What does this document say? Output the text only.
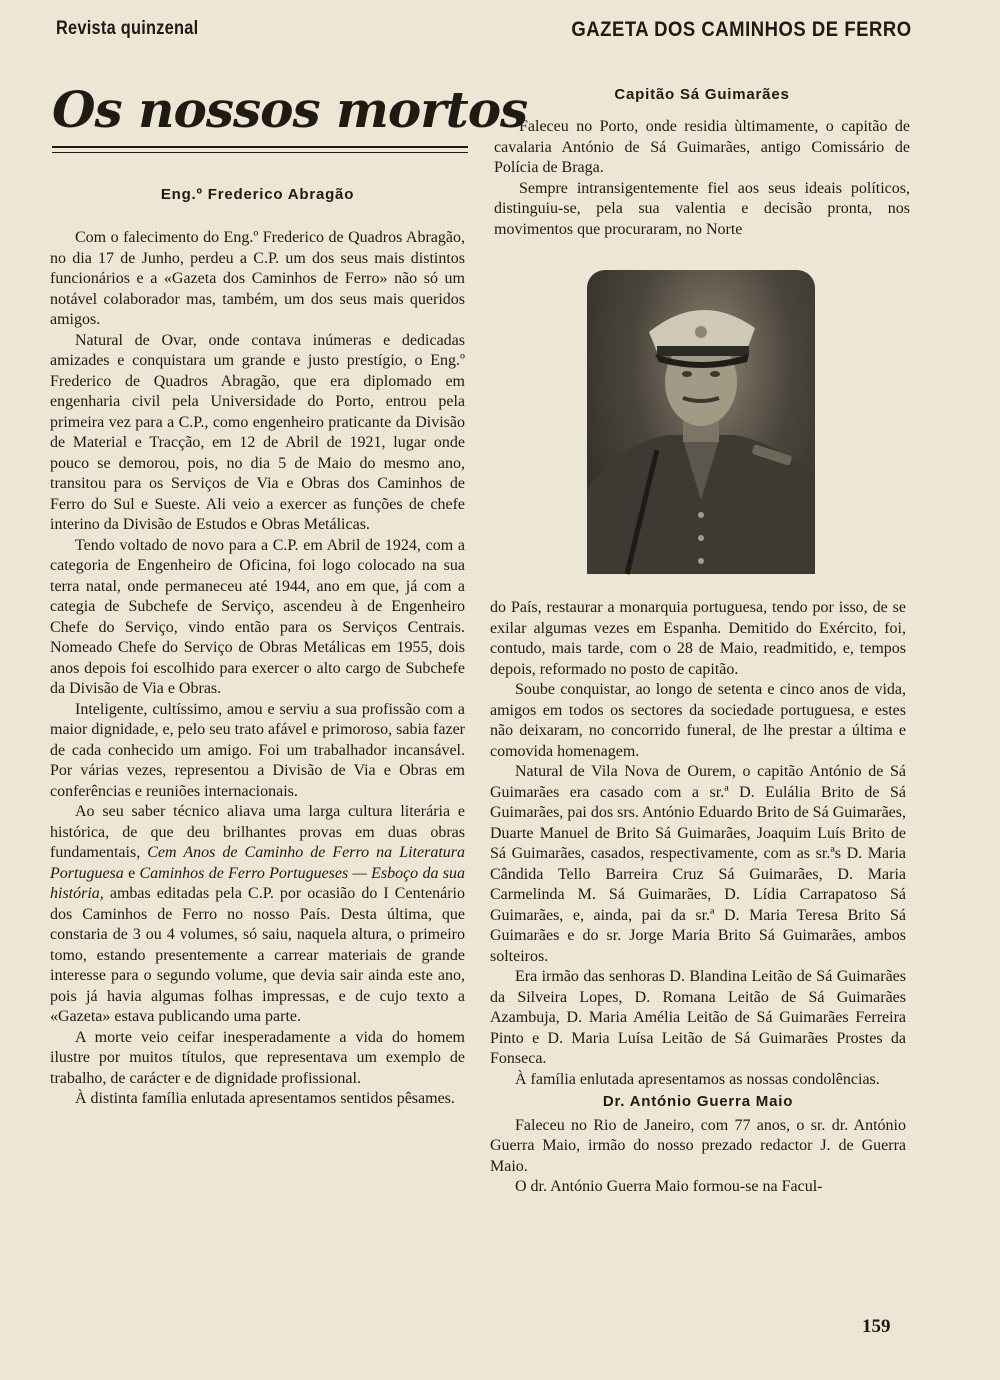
Revista quinzenal	GAZETA DOS CAMINHOS DE FERRO
Os nossos mortos
Eng.º Frederico Abragão

Com o falecimento do Eng.º Frederico de Quadros Abragão, no dia 17 de Junho, perdeu a C.P. um dos seus mais distintos funcionários e a «Gazeta dos Caminhos de Ferro» não só um notável colaborador mas, também, um dos seus mais queridos amigos.

Natural de Ovar, onde contava inúmeras e dedicadas amizades e conquistara um grande e justo prestígio, o Eng.º Frederico de Quadros Abragão, que era diplomado em engenharia civil pela Universidade do Porto, entrou pela primeira vez para a C.P., como engenheiro praticante da Divisão de Material e Tracção, em 12 de Abril de 1921, lugar onde pouco se demorou, pois, no dia 5 de Maio do mesmo ano, transitou para os Serviços de Via e Obras dos Caminhos de Ferro do Sul e Sueste. Ali veio a exercer as funções de chefe interino da Divisão de Estudos e Obras Metálicas.

Tendo voltado de novo para a C.P. em Abril de 1924, com a categoria de Engenheiro de Oficina, foi logo colocado na sua terra natal, onde permaneceu até 1944, ano em que, já com a categia de Subchefe de Serviço, ascendeu à de Engenheiro Chefe do Serviço, vindo então para os Serviços Centrais. Nomeado Chefe do Serviço de Obras Metálicas em 1955, dois anos depois foi escolhido para exercer o alto cargo de Subchefe da Divisão de Via e Obras.

Inteligente, cultíssimo, amou e serviu a sua profissão com a maior dignidade, e, pelo seu trato afável e primoroso, sabia fazer de cada conhecido um amigo. Foi um trabalhador incansável. Por várias vezes, representou a Divisão de Via e Obras em conferências e reuniões internacionais.

Ao seu saber técnico aliava uma larga cultura literária e histórica, de que deu brilhantes provas em duas obras fundamentais, Cem Anos de Caminho de Ferro na Literatura Portuguesa e Caminhos de Ferro Portugueses — Esboço da sua história, ambas editadas pela C.P. por ocasião do I Centenário dos Caminhos de Ferro no nosso País. Desta última, que constaria de 3 ou 4 volumes, só saiu, naquela altura, o primeiro tomo, estando presentemente a carrear materiais de grande interesse para o segundo volume, que devia sair ainda este ano, pois já havia algumas folhas impressas, e de cujo texto a «Gazeta» estava publicando uma parte.

A morte veio ceifar inesperadamente a vida do homem ilustre por muitos títulos, que representava um exemplo de trabalho, de carácter e de dignidade profissional.

À distinta família enlutada apresentamos sentidos pêsames.

Capitão Sá Guimarães

Faleceu no Porto, onde residia ùltimamente, o capitão de cavalaria António de Sá Guimarães, antigo Comissário de Polícia de Braga.

Sempre intransigentemente fiel aos seus ideais políticos, distinguiu-se, pela sua valentia e decisão pronta, nos movimentos que procuraram, no Norte

do País, restaurar a monarquia portuguesa, tendo por isso, de se exilar algumas vezes em Espanha. Demitido do Exército, foi, contudo, mais tarde, com o 28 de Maio, readmitido, e, tempos depois, reformado no posto de capitão.

Soube conquistar, ao longo de setenta e cinco anos de vida, amigos em todos os sectores da sociedade portuguesa, e estes não deixaram, no concorrido funeral, de lhe prestar a última e comovida homenagem.

Natural de Vila Nova de Ourem, o capitão António de Sá Guimarães era casado com a sr.ª D. Eulália Brito de Sá Guimarães, pai dos srs. António Eduardo Brito de Sá Guimarães, Duarte Manuel de Brito Sá Guimarães, Joaquim Luís Brito de Sá Guimarães, casados, respectivamente, com as sr.ªs D. Maria Cândida Tello Barreira Cruz Sá Guimarães, D. Maria Carmelinda M. Sá Guimarães, D. Lídia Carrapatoso Sá Guimarães, e, ainda, pai da sr.ª D. Maria Teresa Brito Sá Guimarães e do sr. Jorge Maria Brito Sá Guimarães, ambos solteiros.

Era irmão das senhoras D. Blandina Leitão de Sá Guimarães da Silveira Lopes, D. Romana Leitão de Sá Guimarães Azambuja, D. Maria Amélia Leitão de Sá Guimarães Ferreira Pinto e D. Maria Luísa Leitão de Sá Guimarães Prostes da Fonseca.

À família enlutada apresentamos as nossas condolências.

Dr. António Guerra Maio

Faleceu no Rio de Janeiro, com 77 anos, o sr. dr. António Guerra Maio, irmão do nosso prezado redactor J. de Guerra Maio.

O dr. António Guerra Maio formou-se na Facul-

159
